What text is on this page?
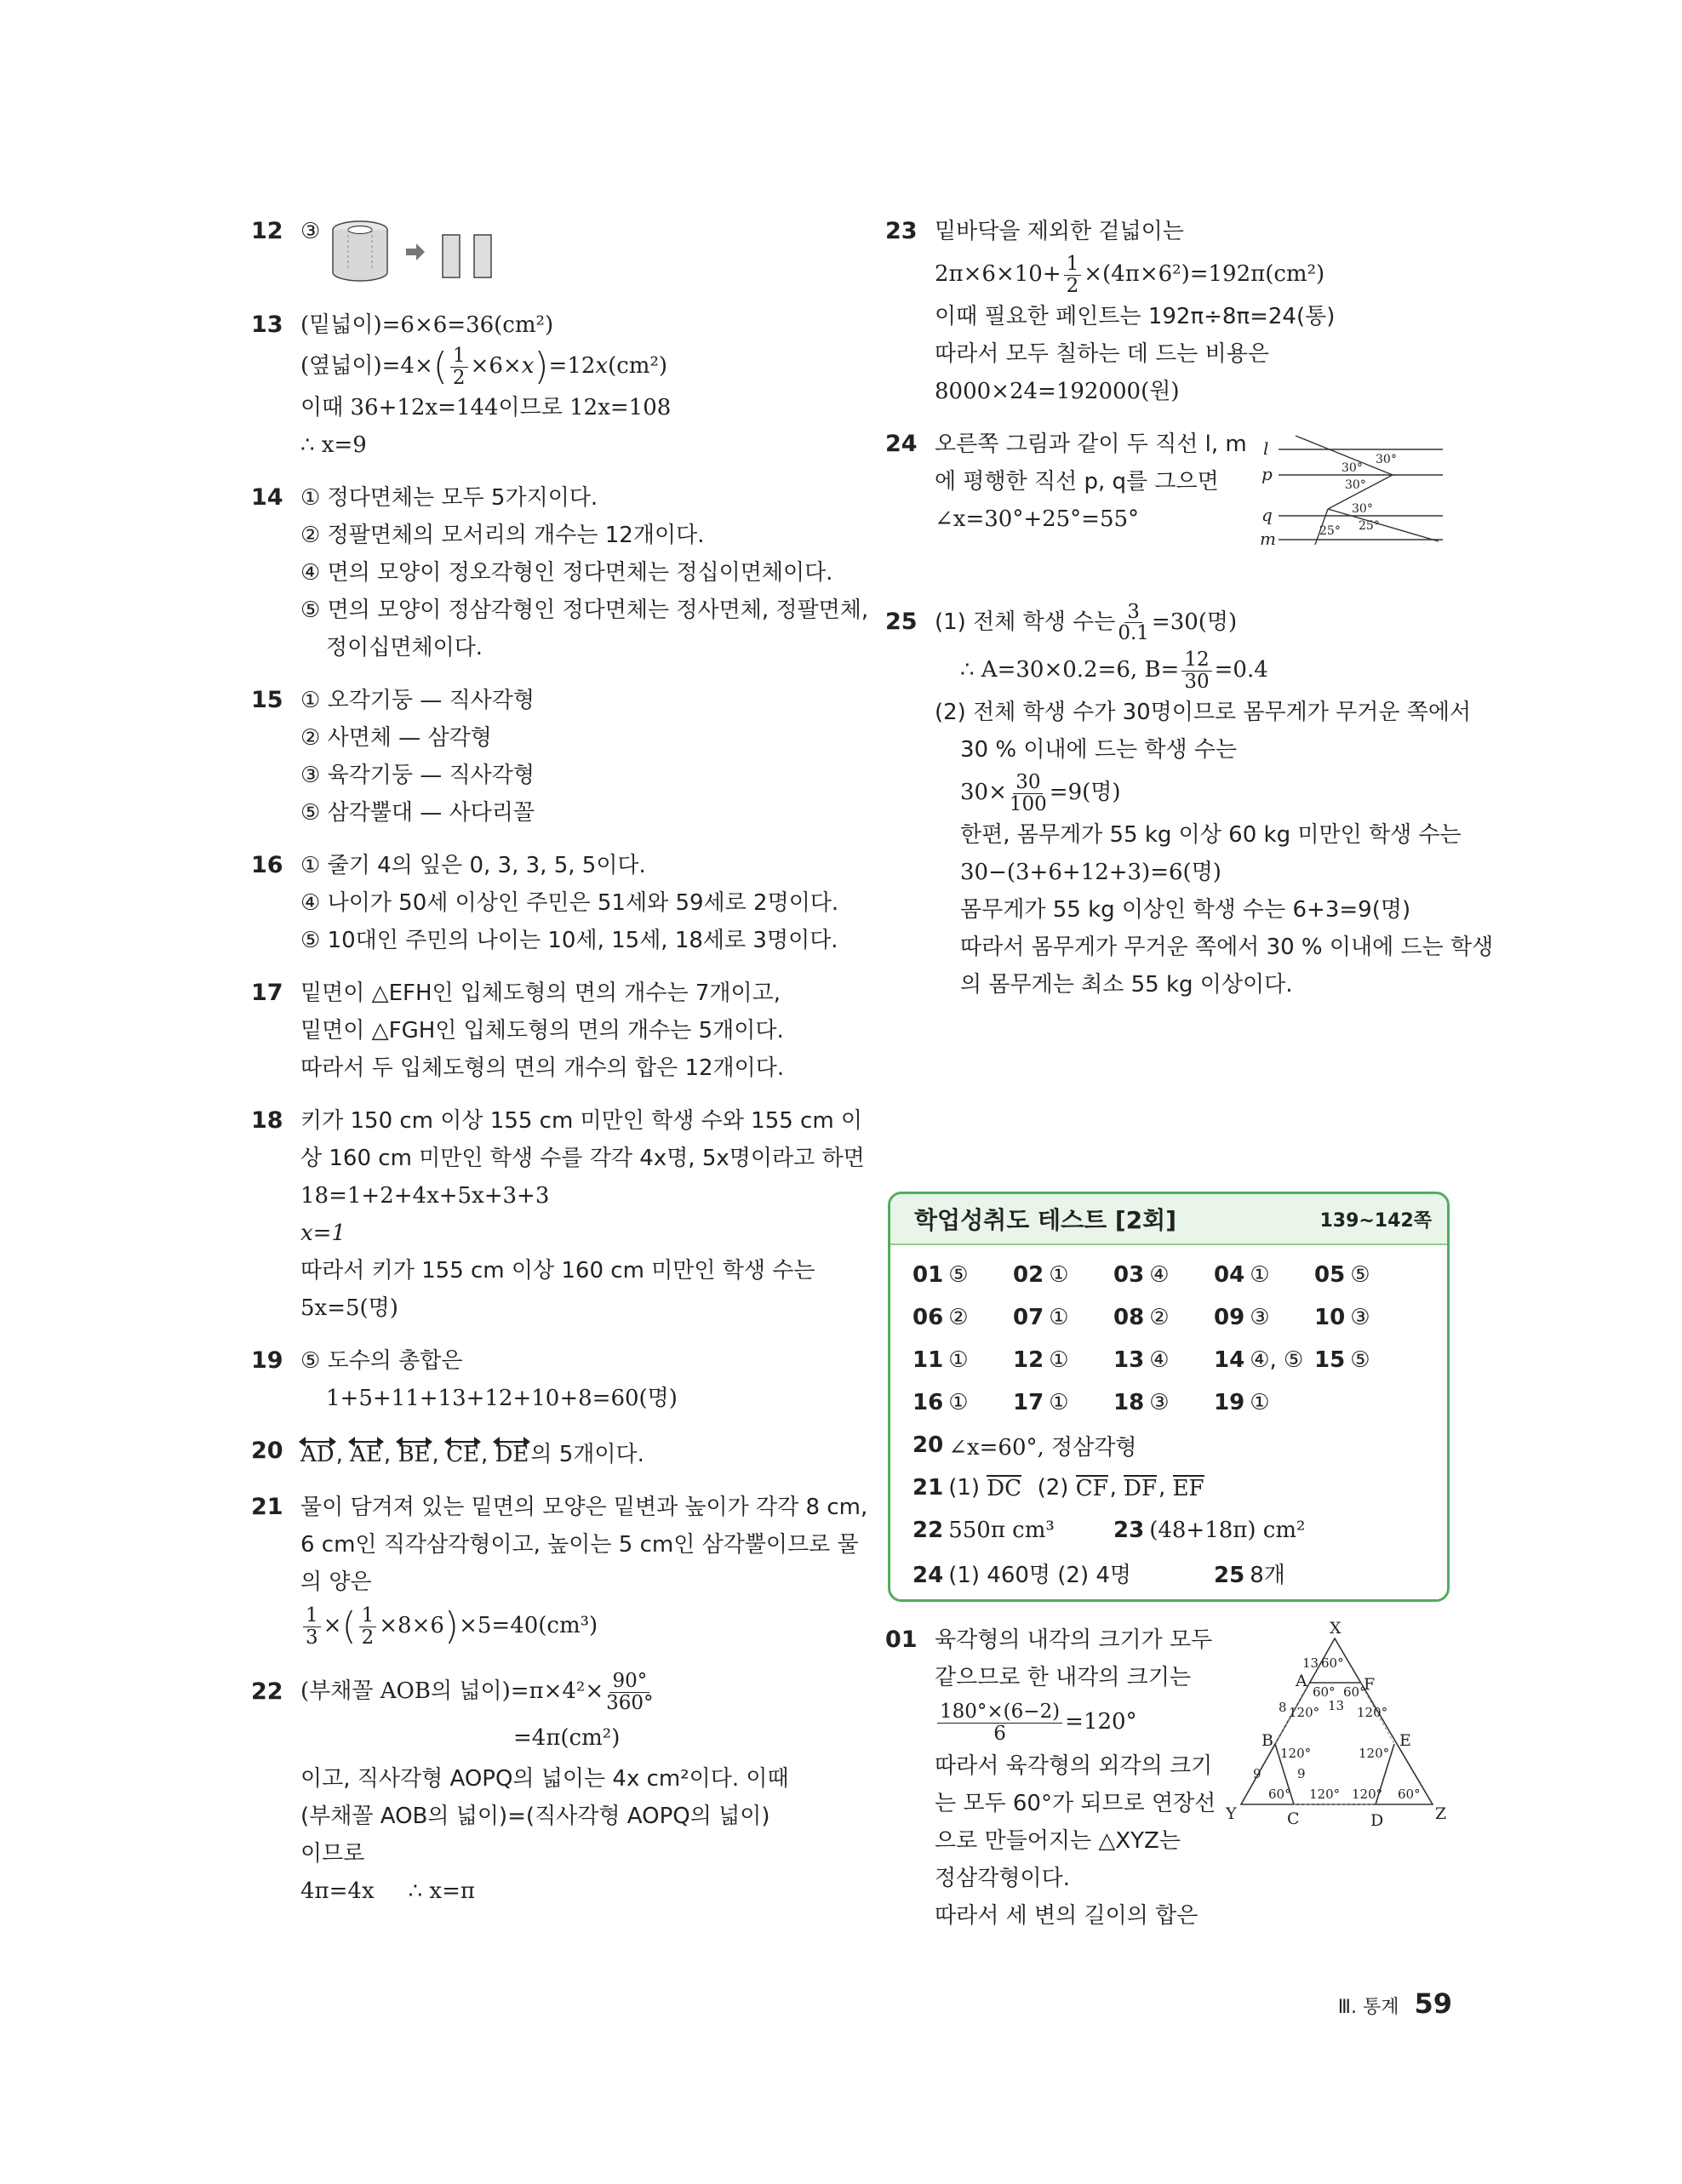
12 ③
13 (밑넓이)=6×6=36(cm²)
(옆넓이)$=4\times( \frac{1}{2} \times 6\times x)=12x(cm^2)$
이때 36+12x=144이므로 12x=108
∴ x=9
14 ① 정다면체는 모두 5가지이다.
② 정팔면체의 모서리의 개수는 12개이다.
④ 면의 모양이 정오각형인 정다면체는 정십이면체이다.
⑤ 면의 모양이 정삼각형인 정다면체는 정사면체, 정팔면체,
정이십면체이다.
15 ① 오각기둥 — 직사각형
② 사면체 — 삼각형
③ 육각기둥 — 직사각형
⑤ 삼각뿔대 — 사다리꼴
16 ① 줄기 4의 잎은 0, 3, 3, 5, 5이다.
④ 나이가 50세 이상인 주민은 51세와 59세로 2명이다.
⑤ 10대인 주민의 나이는 10세, 15세, 18세로 3명이다.
17 밑면이 △EFH인 입체도형의 면의 개수는 7개이고,
밑면이 △FGH인 입체도형의 면의 개수는 5개이다.
따라서 두 입체도형의 면의 개수의 합은 12개이다.
18 키가 150 cm 이상 155 cm 미만인 학생 수와 155 cm 이
상 160 cm 미만인 학생 수를 각각 4x명, 5x명이라고 하면
18=1+2+4x+5x+3+3
x=1
따라서 키가 155 cm 이상 160 cm 미만인 학생 수는
5x=5(명)
19 ⑤ 도수의 총합은
1+5+11+13+12+10+8=60(명)
20 AD, AE, BE, CE, DE의 5개이다.
21 물이 담겨져 있는 밑면의 모양은 밑변과 높이가 각각 8 cm,
6 cm인 직각삼각형이고, 높이는 5 cm인 삼각뿔이므로 물
의 양은
$\frac{1}{3}$ ×( $\frac{1}{2} \times 8\times 6)\times 5=40(cm^3)$
22 (부채꼴 AOB의 넓이)$=\pi\times 4^2\times \frac{90^\circ}{360^\circ}$
=4π(cm²)
이고, 직사각형 AOPQ의 넓이는 4x cm²이다. 이때
(부채꼴 AOB의 넓이)=(직사각형 AOPQ의 넓이)
이므로
4π=4x ∴ x=π
23 밑바닥을 제외한 겉넓이는
$2\pi\times 6\times 10+ \frac{1}{2} \times(4\pi\times 6^2)=192\pi(cm^2)$
이때 필요한 페인트는 192π÷8π=24(통)
따라서 모두 칠하는 데 드는 비용은
8000×24=192000(원)
24 오른쪽 그림과 같이 두 직선 l, m
에 평행한 직선 p, q를 그으면
∠x=30°+25°=55°
l
p
q
m
30°
30°
30°
30°
25° 25°
25 (1) 전체 학생 수는 $\frac{3}{0.1} =30$(명)
∴ A=30×0.2=6, $B= \frac{12}{30} =0.4$
(2) 전체 학생 수가 30명이므로 몸무게가 무거운 쪽에서
30 % 이내에 드는 학생 수는
$30\times \frac{30}{100} =9$(명)
한편, 몸무게가 55 kg 이상 60 kg 미만인 학생 수는
30−(3+6+12+3)=6(명)
몸무게가 55 kg 이상인 학생 수는 6+3=9(명)
따라서 몸무게가 무거운 쪽에서 30 % 이내에 드는 학생
의 몸무게는 최소 55 kg 이상이다.
학업성취도 테스트 [2회]	139~142쪽
01 ⑤	02 ①	03 ④	04 ①	05 ⑤
06 ②	07 ①	08 ②	09 ③	10 ③
11 ①	12 ①	13 ④	14 ④, ⑤ 15 ⑤
16 ①	17 ①	18 ③	19 ①
20 ∠x=60°, 정삼각형
21 (1)
DC
(2)
CF , DF , EF
22 550π cm³	23 (48+18π) cm²
24 (1) 460명 (2) 4명	25 8개
01 육각형의 내각의 크기가 모두
같으므로 한 내각의 크기는
$\frac{180^\circ\times(6-2)}{6} =120^\circ$
따라서 육각형의 외각의 크기
는 모두 60°가 되므로 연장선
으로 만들어지는 △XYZ는
정삼각형이다.
따라서 세 변의 길이의 합은
X
Y	Z
A	F
B	E
C	D
13 60°
60° 60°
13
8 120°	120°
120°	120°
9	9
60° 120° 120° 60°
Ⅲ. 통계 59
